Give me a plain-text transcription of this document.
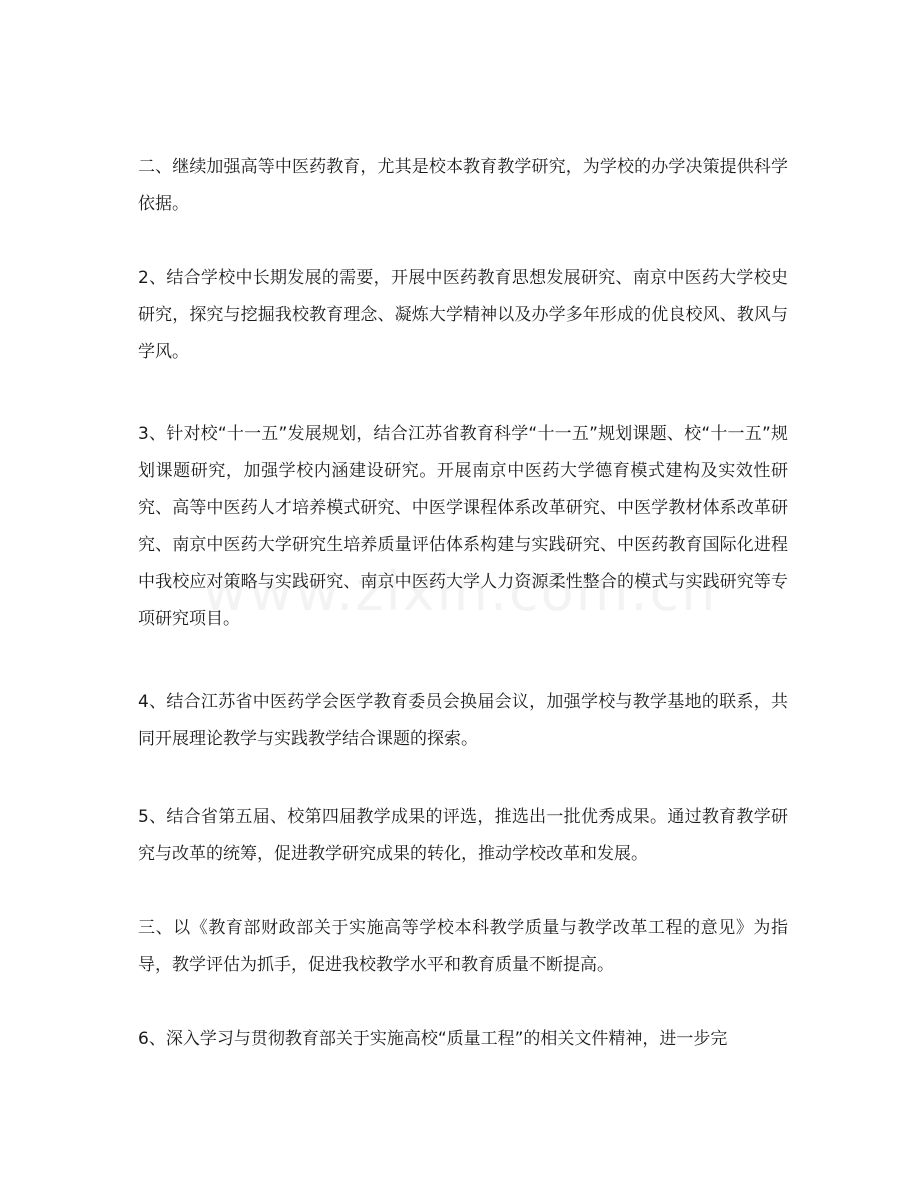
二、继续加强高等中医药教育，尤其是校本教育教学研究，为学校的办学决策提供科学依据。

2、结合学校中长期发展的需要，开展中医药教育思想发展研究、南京中医药大学校史研究，探究与挖掘我校教育理念、凝炼大学精神以及办学多年形成的优良校风、教风与学风。

3、针对校“十一五”发展规划，结合江苏省教育科学“十一五”规划课题、校“十一五”规划课题研究，加强学校内涵建设研究。开展南京中医药大学德育模式建构及实效性研究、高等中医药人才培养模式研究、中医学课程体系改革研究、中医学教材体系改革研究、南京中医药大学研究生培养质量评估体系构建与实践研究、中医药教育国际化进程中我校应对策略与实践研究、南京中医药大学人力资源柔性整合的模式与实践研究等专项研究项目。

4、结合江苏省中医药学会医学教育委员会换届会议，加强学校与教学基地的联系，共同开展理论教学与实践教学结合课题的探索。

5、结合省第五届、校第四届教学成果的评选，推选出一批优秀成果。通过教育教学研究与改革的统筹，促进教学研究成果的转化，推动学校改革和发展。

三、以《教育部财政部关于实施高等学校本科教学质量与教学改革工程的意见》为指导，教学评估为抓手，促进我校教学水平和教育质量不断提高。

6、深入学习与贯彻教育部关于实施高校“质量工程”的相关文件精神，进一步完
